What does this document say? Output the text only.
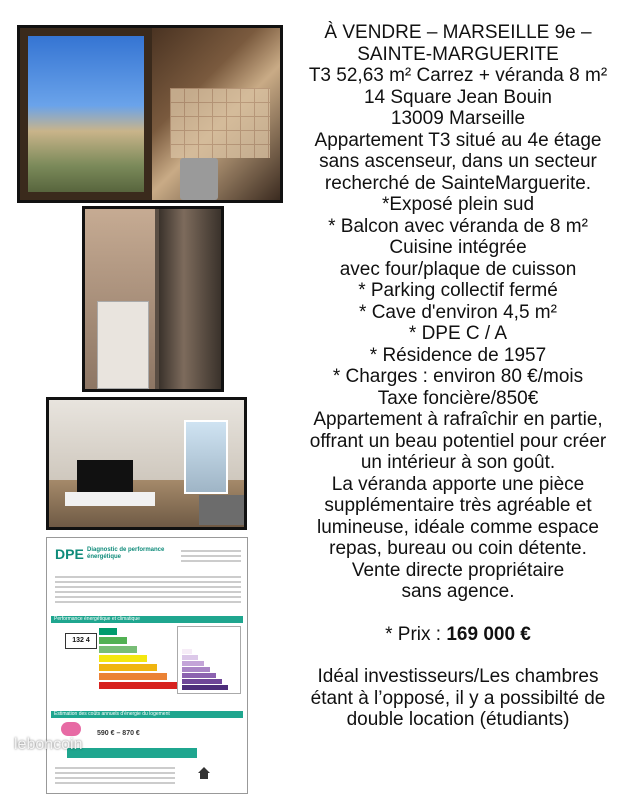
DPE Diagnostic de performance énergétique
Performance énergétique et climatique
132 4
Estimation des coûts annuels d'énergie du logement
590 € – 870 €
leboncoin
À VENDRE – MARSEILLE 9e –
SAINTE-MARGUERITE
T3 52,63 m² Carrez + véranda 8 m²
14 Square Jean Bouin
13009 Marseille
Appartement T3 situé au 4e étage
sans ascenseur, dans un secteur
recherché de SainteMarguerite.
*Exposé plein sud
* Balcon avec véranda de 8 m²
Cuisine intégrée
avec four/plaque de cuisson
* Parking collectif fermé
* Cave d'environ 4,5 m²
* DPE C / A
* Résidence de 1957
* Charges : environ 80 €/mois
Taxe foncière/850€
Appartement à rafraîchir en partie,
offrant un beau potentiel pour créer
un intérieur à son goût.
La véranda apporte une pièce
supplémentaire très agréable et
lumineuse, idéale comme espace
repas, bureau ou coin détente.
Vente directe propriétaire
sans agence.
* Prix : 169 000 €
Idéal investisseurs/Les chambres
étant à l’opposé, il y a possibilté de
double location (étudiants)
